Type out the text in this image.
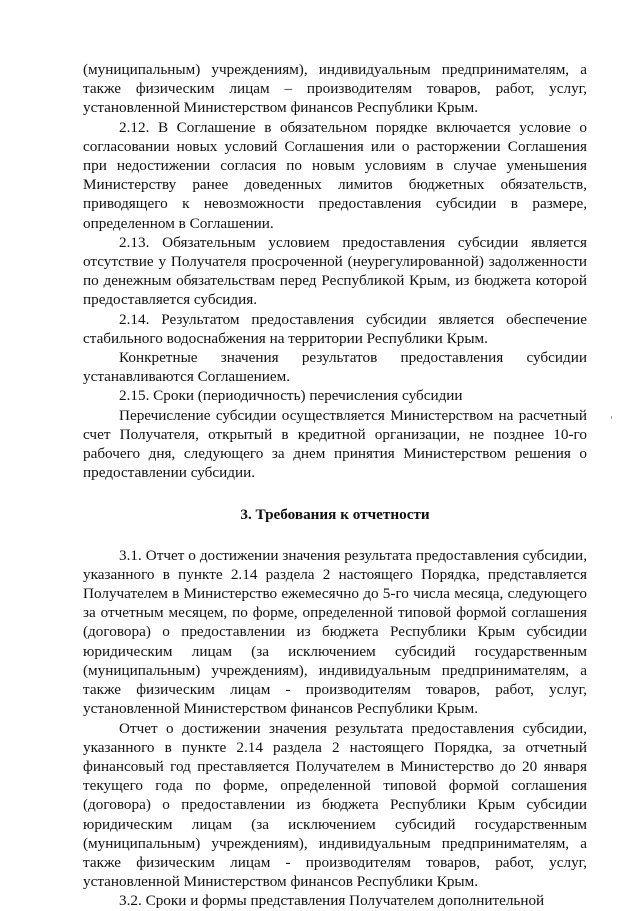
(муниципальным) учреждениям), индивидуальным предпринимателям, а также физическим лицам – производителям товаров, работ, услуг, установленной Министерством финансов Республики Крым.

2.12. В Соглашение в обязательном порядке включается условие о согласовании новых условий Соглашения или о расторжении Соглашения при недостижении согласия по новым условиям в случае уменьшения Министерству ранее доведенных лимитов бюджетных обязательств, приводящего к невозможности предоставления субсидии в размере, определенном в Соглашении.

2.13. Обязательным условием предоставления субсидии является отсутствие у Получателя просроченной (неурегулированной) задолженности по денежным обязательствам перед Республикой Крым, из бюджета которой предоставляется субсидия.

2.14. Результатом предоставления субсидии является обеспечение стабильного водоснабжения на территории Республики Крым.

Конкретные значения результатов предоставления субсидии устанавливаются Соглашением.

2.15. Сроки (периодичность) перечисления субсидии

Перечисление субсидии осуществляется Министерством на расчетный счет Получателя, открытый в кредитной организации, не позднее 10-го рабочего дня, следующего за днем принятия Министерством решения о предоставлении субсидии.

3. Требования к отчетности

3.1. Отчет о достижении значения результата предоставления субсидии, указанного в пункте 2.14 раздела 2 настоящего Порядка, представляется Получателем в Министерство ежемесячно до 5-го числа месяца, следующего за отчетным месяцем, по форме, определенной типовой формой соглашения (договора) о предоставлении из бюджета Республики Крым субсидии юридическим лицам (за исключением субсидий государственным (муниципальным) учреждениям), индивидуальным предпринимателям, а также физическим лицам - производителям товаров, работ, услуг, установленной Министерством финансов Республики Крым.

Отчет о достижении значения результата предоставления субсидии, указанного в пункте 2.14 раздела 2 настоящего Порядка, за отчетный финансовый год преставляется Получателем в Министерство до 20 января текущего года по форме, определенной типовой формой соглашения (договора) о предоставлении из бюджета Республики Крым субсидии юридическим лицам (за исключением субсидий государственным (муниципальным) учреждениям), индивидуальным предпринимателям, а также физическим лицам - производителям товаров, работ, услуг, установленной Министерством финансов Республики Крым.

3.2. Сроки и формы представления Получателем дополнительной
